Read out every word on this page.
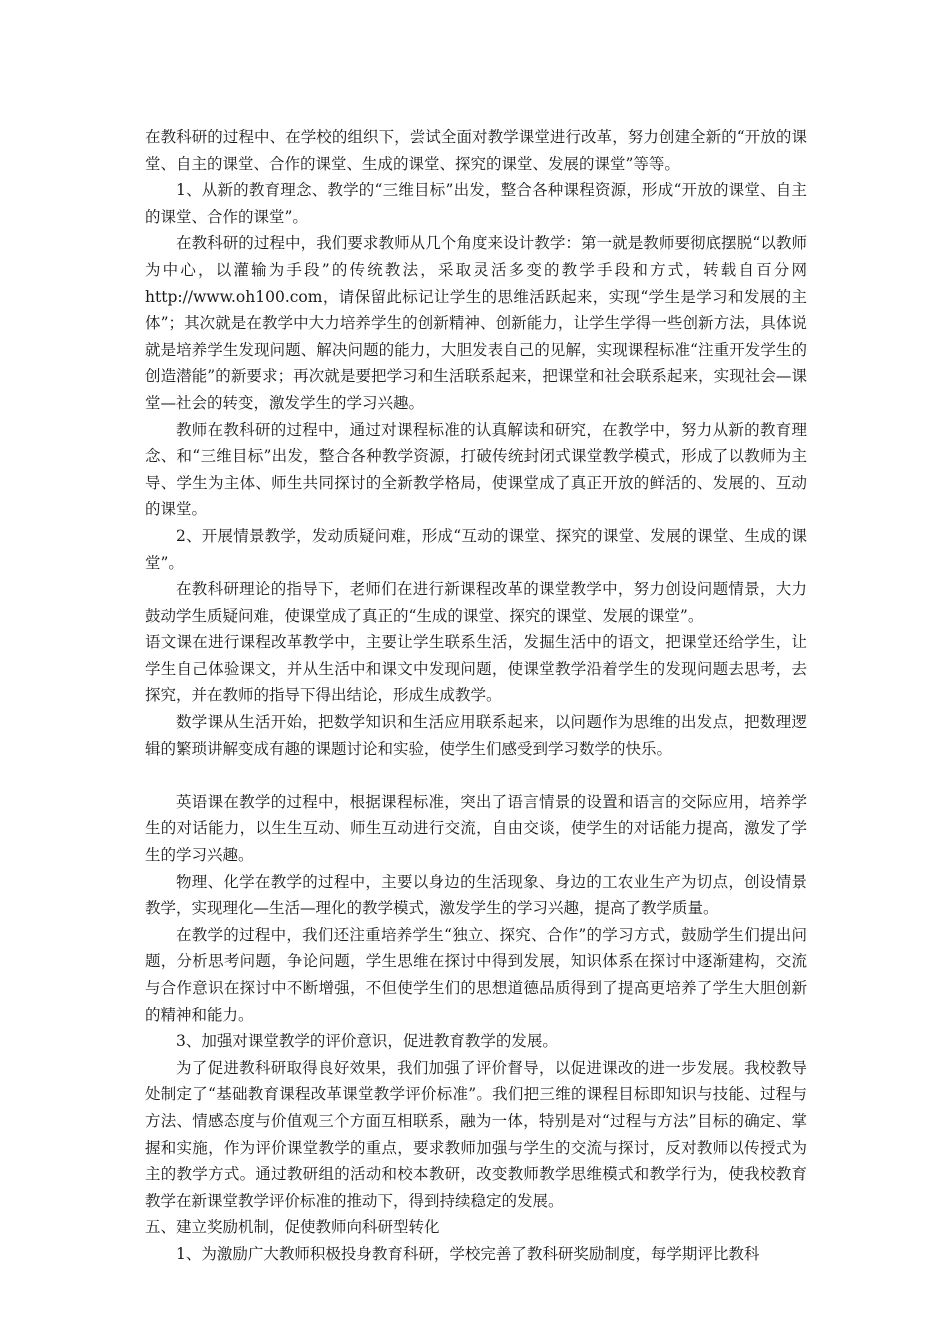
在教科研的过程中、在学校的组织下，尝试全面对教学课堂进行改革，努力创建全新的“开放的课堂、自主的课堂、合作的课堂、生成的课堂、探究的课堂、发展的课堂”等等。

1、从新的教育理念、教学的“三维目标”出发，整合各种课程资源，形成“开放的课堂、自主的课堂、合作的课堂”。

在教科研的过程中，我们要求教师从几个角度来设计教学：第一就是教师要彻底摆脱“以教师为中心，以灌输为手段”的传统教法，采取灵活多变的教学手段和方式，转载自百分网 http://www.oh100.com，请保留此标记让学生的思维活跃起来，实现“学生是学习和发展的主体”；其次就是在教学中大力培养学生的创新精神、创新能力，让学生学得一些创新方法，具体说就是培养学生发现问题、解决问题的能力，大胆发表自己的见解，实现课程标准“注重开发学生的创造潜能”的新要求；再次就是要把学习和生活联系起来，把课堂和社会联系起来，实现社会—课堂—社会的转变，激发学生的学习兴趣。

教师在教科研的过程中，通过对课程标准的认真解读和研究，在教学中，努力从新的教育理念、和“三维目标”出发，整合各种教学资源，打破传统封闭式课堂教学模式，形成了以教师为主导、学生为主体、师生共同探讨的全新教学格局，使课堂成了真正开放的鲜活的、发展的、互动的课堂。

2、开展情景教学，发动质疑问难，形成“互动的课堂、探究的课堂、发展的课堂、生成的课堂”。

在教科研理论的指导下，老师们在进行新课程改革的课堂教学中，努力创设问题情景，大力鼓动学生质疑问难，使课堂成了真正的“生成的课堂、探究的课堂、发展的课堂”。

语文课在进行课程改革教学中，主要让学生联系生活，发掘生活中的语文，把课堂还给学生，让学生自己体验课文，并从生活中和课文中发现问题，使课堂教学沿着学生的发现问题去思考，去探究，并在教师的指导下得出结论，形成生成教学。

数学课从生活开始，把数学知识和生活应用联系起来，以问题作为思维的出发点，把数理逻辑的繁琐讲解变成有趣的课题讨论和实验，使学生们感受到学习数学的快乐。

英语课在教学的过程中，根据课程标准，突出了语言情景的设置和语言的交际应用，培养学生的对话能力，以生生互动、师生互动进行交流，自由交谈，使学生的对话能力提高，激发了学生的学习兴趣。

物理、化学在教学的过程中，主要以身边的生活现象、身边的工农业生产为切点，创设情景教学，实现理化—生活—理化的教学模式，激发学生的学习兴趣，提高了教学质量。

在教学的过程中，我们还注重培养学生“独立、探究、合作”的学习方式，鼓励学生们提出问题，分析思考问题，争论问题，学生思维在探讨中得到发展，知识体系在探讨中逐渐建构，交流与合作意识在探讨中不断增强，不但使学生们的思想道德品质得到了提高更培养了学生大胆创新的精神和能力。

3、加强对课堂教学的评价意识，促进教育教学的发展。

为了促进教科研取得良好效果，我们加强了评价督导，以促进课改的进一步发展。我校教导处制定了“基础教育课程改革课堂教学评价标准”。我们把三维的课程目标即知识与技能、过程与方法、情感态度与价值观三个方面互相联系，融为一体，特别是对“过程与方法”目标的确定、掌握和实施，作为评价课堂教学的重点，要求教师加强与学生的交流与探讨，反对教师以传授式为主的教学方式。通过教研组的活动和校本教研，改变教师教学思维模式和教学行为，使我校教育教学在新课堂教学评价标准的推动下，得到持续稳定的发展。

五、建立奖励机制，促使教师向科研型转化

1、为激励广大教师积极投身教育科研，学校完善了教科研奖励制度，每学期评比教科
